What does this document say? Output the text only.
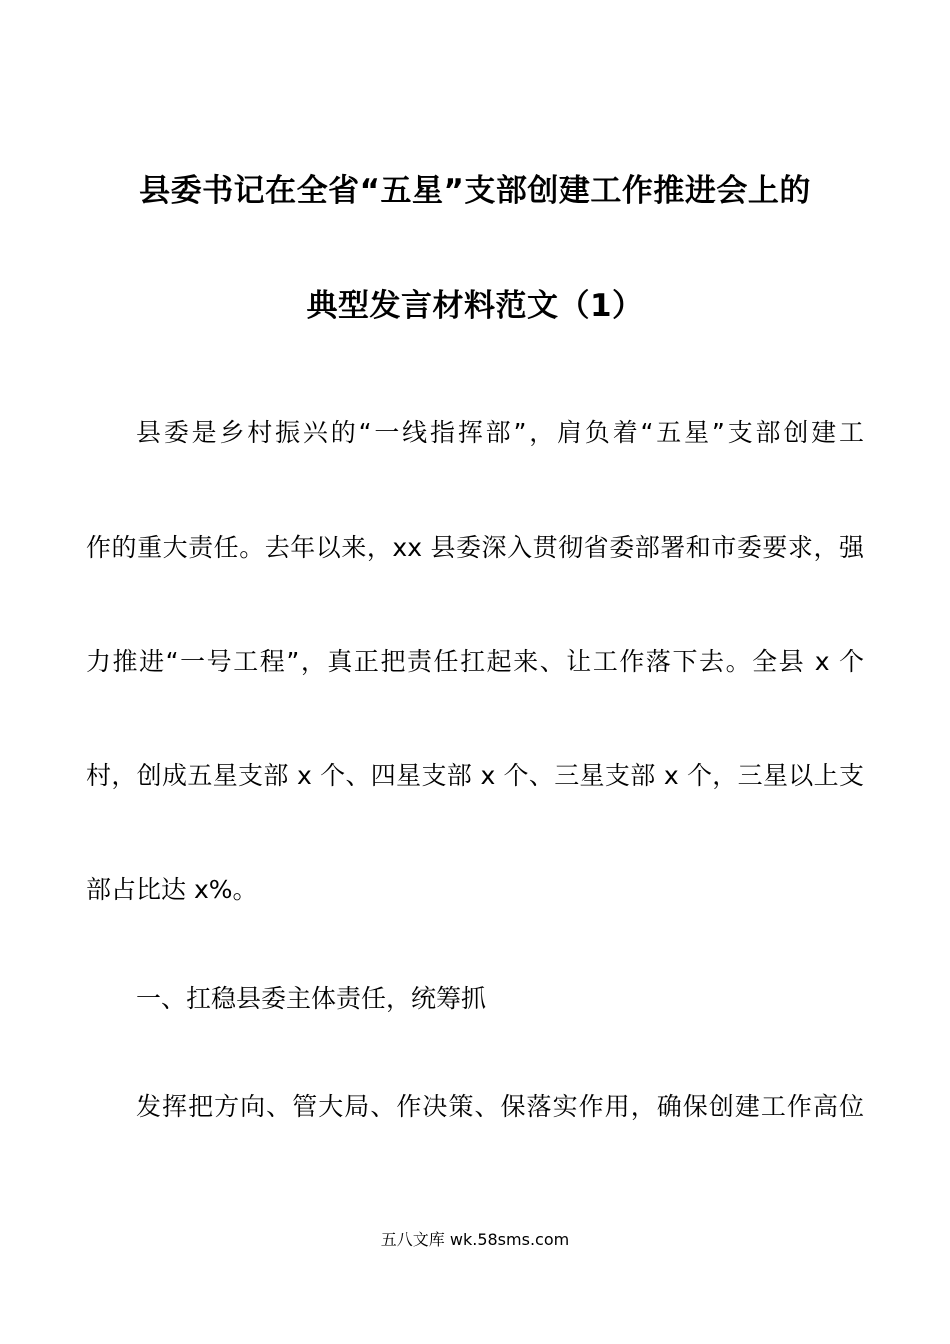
县委书记在全省“五星”支部创建工作推进会上的
典型发言材料范文（1）
县委是乡村振兴的“一线指挥部”，肩负着“五星”支部创建工
作的重大责任。去年以来，xx 县委深入贯彻省委部署和市委要求，强
力推进“一号工程”，真正把责任扛起来、让工作落下去。全县 x 个
村，创成五星支部 x 个、四星支部 x 个、三星支部 x 个，三星以上支
部占比达 x%。
一、扛稳县委主体责任，统筹抓
发挥把方向、管大局、作决策、保落实作用，确保创建工作高位
五八文库 wk.58sms.com
